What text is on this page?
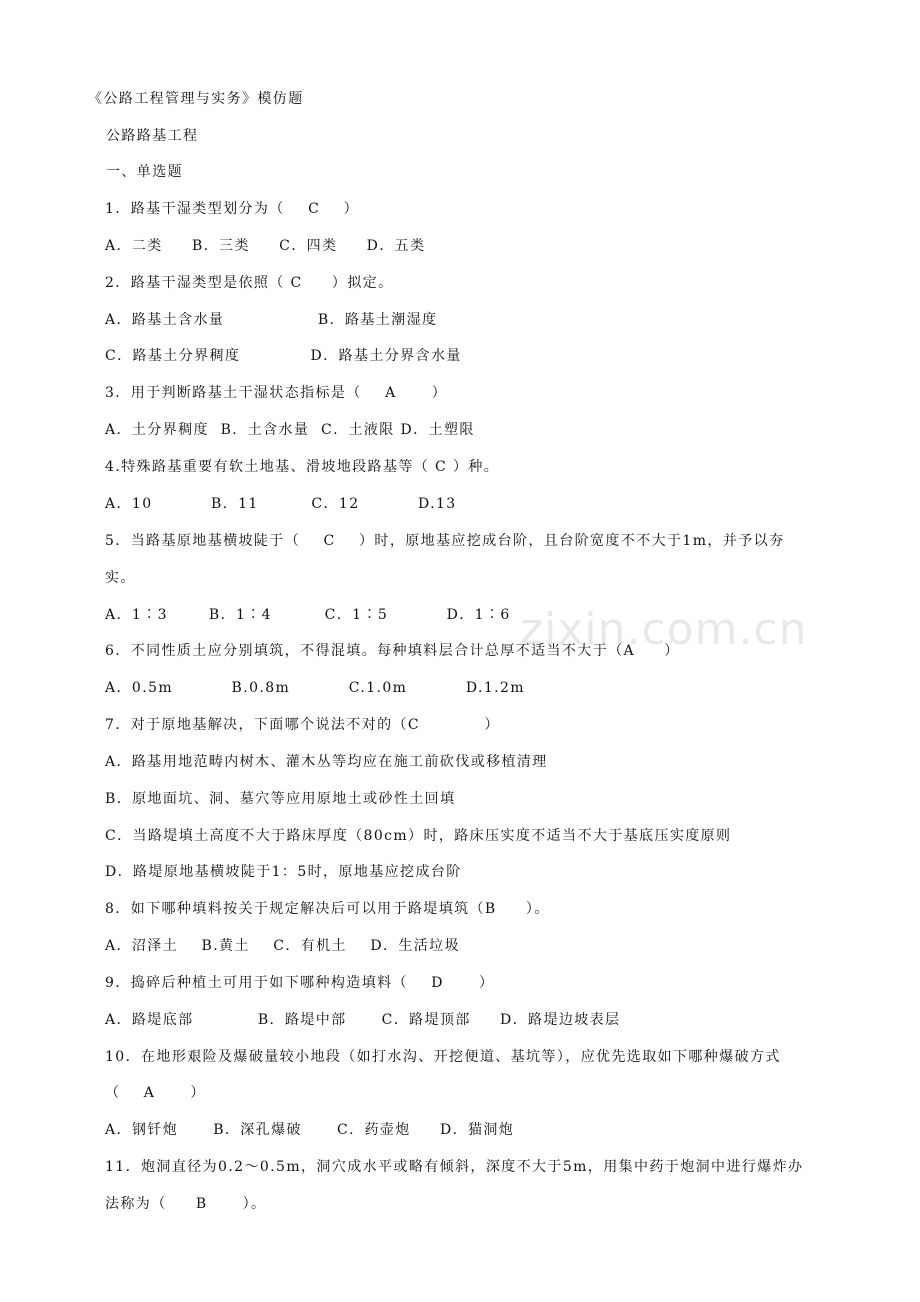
《公路工程管理与实务》模仿题
公路路基工程
一、单选题
1．路基干湿类型划分为（    C    ）
A．二类     B．三类     C．四类     D．五类
2．路基干湿类型是依照（ C     ）拟定。
A．路基土含水量                B．路基土潮湿度
C．路基土分界稠度            D．路基土分界含水量
3．用于判断路基土干湿状态指标是（    A      ）
A．土分界稠度  B．土含水量  C．土液限 D．土塑限
4.特殊路基重要有软土地基、滑坡地段路基等（ C ）种。
A．10          B．11         C．12          D.13
5．当路基原地基横坡陡于（    C    ）时，原地基应挖成台阶，且台阶宽度不不大于1m，并予以夯
实。
A．1∶3       B．1∶4         C．1∶5          D．1∶6
6．不同性质土应分别填筑，不得混填。每种填料层合计总厚不适当不大于（A     ）
A．0.5m          B.0.8m          C.1.0m          D.1.2m
7．对于原地基解决，下面哪个说法不对的（C           ）
A．路基用地范畴内树木、灌木丛等均应在施工前砍伐或移植清理
B．原地面坑、洞、墓穴等应用原地土或砂性土回填
C．当路堤填土高度不大于路床厚度（80cm）时，路床压实度不适当不大于基底压实度原则
D．路堤原地基横坡陡于1：5时，原地基应挖成台阶
8．如下哪种填料按关于规定解决后可以用于路堤填筑（B     ）。
A．沼泽土    B.黄土    C．有机土    D．生活垃圾
9．捣碎后种植土可用于如下哪种构造填料（    D      ）
A．路堤底部           B．路堤中部      C．路堤顶部     D．路堤边坡表层
10．在地形艰险及爆破量较小地段（如打水沟、开挖便道、基坑等），应优先选取如下哪种爆破方式
（    A      ）
A．钢钎炮      B．深孔爆破      C．药壶炮     D．猫洞炮
11．炮洞直径为0.2～0.5m，洞穴成水平或略有倾斜，深度不大于5m，用集中药于炮洞中进行爆炸办
法称为（     B      ）。
zixin.com.cn
